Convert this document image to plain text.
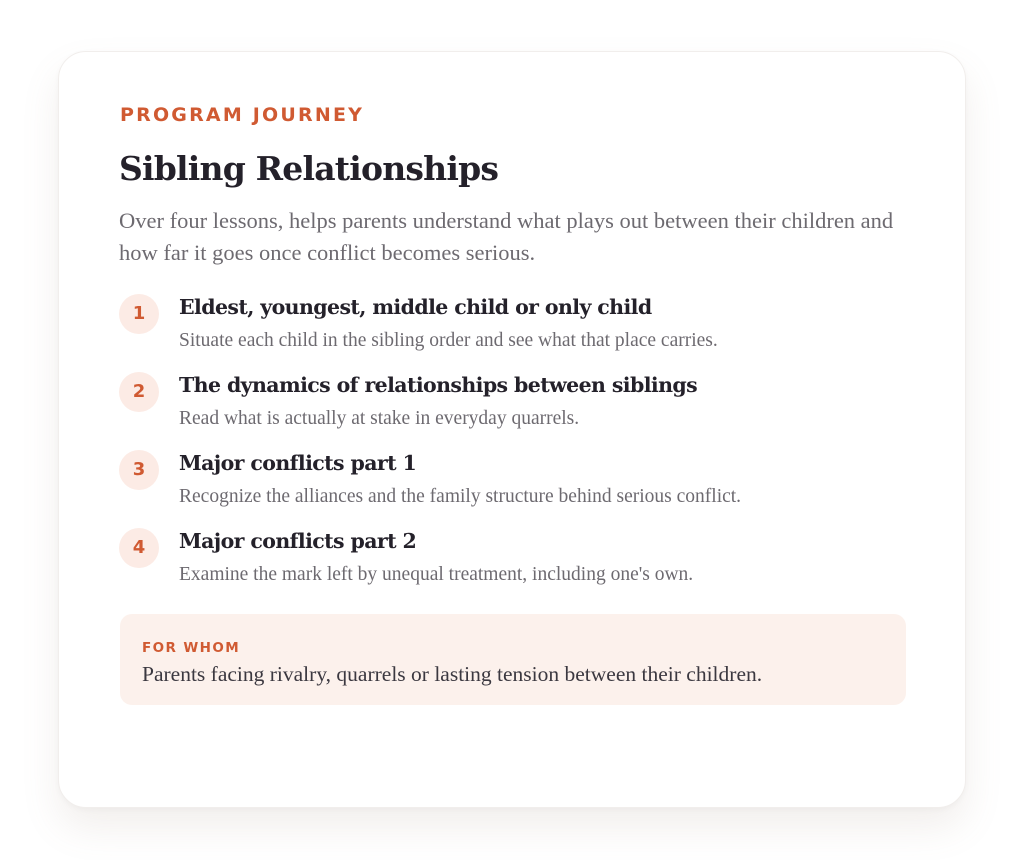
PROGRAM JOURNEY
Sibling Relationships

Over four lessons, helps parents understand what plays out between their children and how far it goes once conflict becomes serious.

1	Eldest, youngest, middle child or only child
Situate each child in the sibling order and see what that place carries.
2	The dynamics of relationships between siblings
Read what is actually at stake in everyday quarrels.
3	Major conflicts part 1
Recognize the alliances and the family structure behind serious conflict.
4	Major conflicts part 2
Examine the mark left by unequal treatment, including one's own.
FOR WHOM
Parents facing rivalry, quarrels or lasting tension between their children.
